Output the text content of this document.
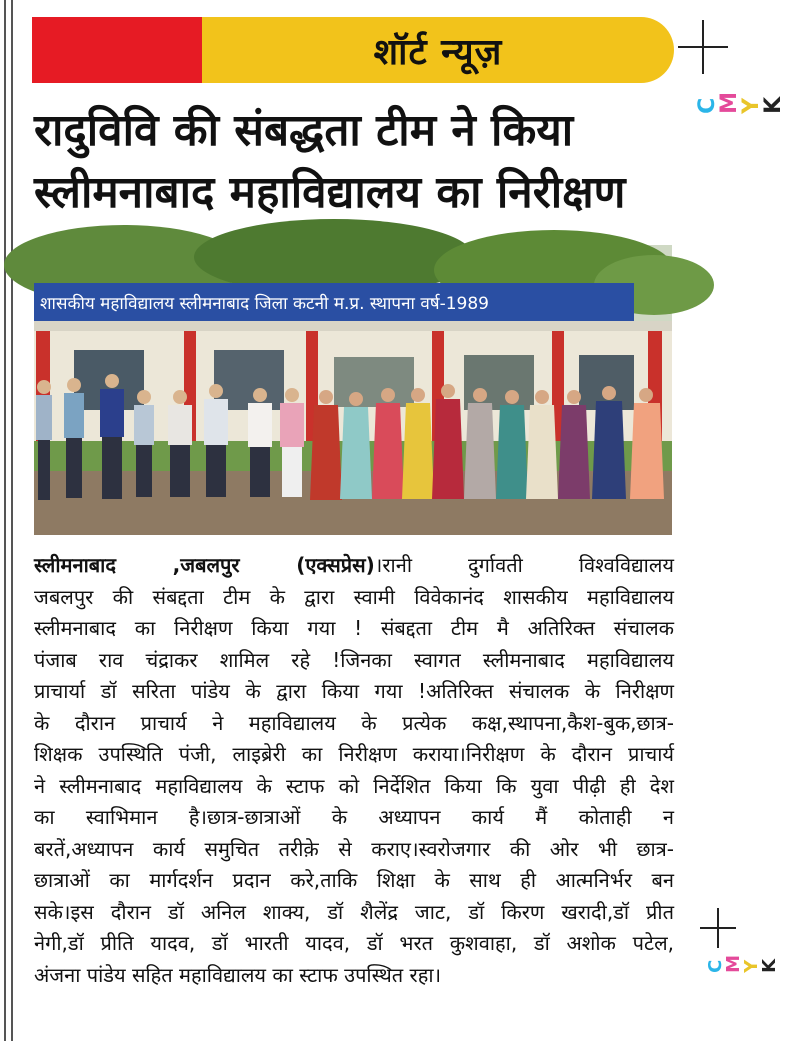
शॉर्ट न्यूज़
C
M
Y
K
C
M
Y
K
रादुविवि की संबद्धता टीम ने किया
स्लीमनाबाद महाविद्यालय का निरीक्षण
शासकीय महाविद्यालय स्लीमनाबाद जिला कटनी म.प्र. स्थापना वर्ष-1989
स्लीमनाबाद ,जबलपुर (एक्सप्रेस)।रानी दुर्गावती विश्वविद्यालय
जबलपुर की संबद्दता टीम के द्वारा स्वामी विवेकानंद शासकीय महाविद्यालय
स्लीमनाबाद का निरीक्षण किया गया ! संबद्दता टीम मै अतिरिक्त संचालक
पंजाब राव चंद्राकर शामिल रहे !जिनका स्वागत स्लीमनाबाद महाविद्यालय
प्राचार्या डॉ सरिता पांडेय के द्वारा किया गया !अतिरिक्त संचालक के निरीक्षण
के दौरान प्राचार्य ने महाविद्यालय के प्रत्येक कक्ष,स्थापना,कैश-बुक,छात्र-
शिक्षक उपस्थिति पंजी, लाइब्रेरी का निरीक्षण कराया।निरीक्षण के दौरान प्राचार्य
ने स्लीमनाबाद महाविद्यालय के स्टाफ को निर्देशित किया कि युवा पीढ़ी ही देश
का स्वाभिमान है।छात्र-छात्राओं के अध्यापन कार्य मैं कोताही न
बरतें,अध्यापन कार्य समुचित तरीक़े से कराए।स्वरोजगार की ओर भी छात्र-
छात्राओं का मार्गदर्शन प्रदान करे,ताकि शिक्षा के साथ ही आत्मनिर्भर बन
सके।इस दौरान डॉ अनिल शाक्य, डॉ शैलेंद्र जाट, डॉ किरण खरादी,डॉ प्रीत
नेगी,डॉ प्रीति यादव, डॉ भारती यादव, डॉ भरत कुशवाहा, डॉ अशोक पटेल,
अंजना पांडेय सहित महाविद्यालय का स्टाफ उपस्थित रहा।
